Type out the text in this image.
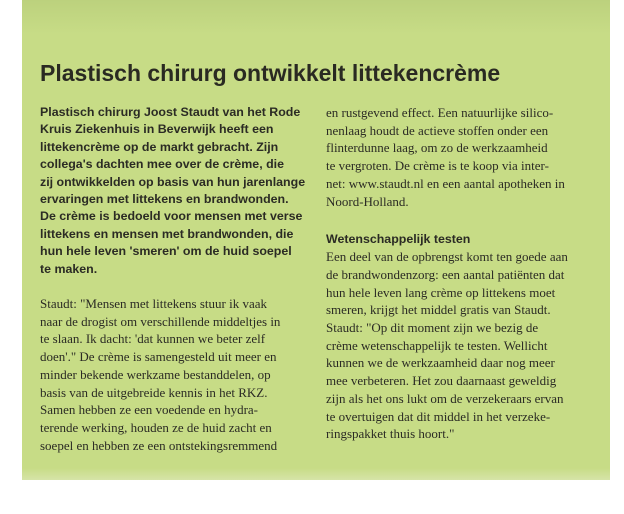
Plastisch chirurg ontwikkelt littekencrème

Plastisch chirurg Joost Staudt van het Rode
Kruis Ziekenhuis in Beverwijk heeft een
littekencrème op de markt gebracht. Zijn
collega's dachten mee over de crème, die
zij ontwikkelden op basis van hun jarenlange
ervaringen met littekens en brandwonden.
De crème is bedoeld voor mensen met verse
littekens en mensen met brandwonden, die
hun hele leven 'smeren' om de huid soepel
te maken.

Staudt: "Mensen met littekens stuur ik vaak
naar de drogist om verschillende middeltjes in
te slaan. Ik dacht: 'dat kunnen we beter zelf
doen'." De crème is samengesteld uit meer en
minder bekende werkzame bestanddelen, op
basis van de uitgebreide kennis in het RKZ.
Samen hebben ze een voedende en hydra-
terende werking, houden ze de huid zacht en
soepel en hebben ze een ontstekingsremmend

en rustgevend effect. Een natuurlijke silico-
nenlaag houdt de actieve stoffen onder een
flinterdunne laag, om zo de werkzaamheid
te vergroten. De crème is te koop via inter-
net: www.staudt.nl en een aantal apotheken in
Noord-Holland.

Wetenschappelijk testen

Een deel van de opbrengst komt ten goede aan
de brandwondenzorg: een aantal patiënten dat
hun hele leven lang crème op littekens moet
smeren, krijgt het middel gratis van Staudt.
Staudt: "Op dit moment zijn we bezig de
crème wetenschappelijk te testen. Wellicht
kunnen we de werkzaamheid daar nog meer
mee verbeteren. Het zou daarnaast geweldig
zijn als het ons lukt om de verzekeraars ervan
te overtuigen dat dit middel in het verzeke-
ringspakket thuis hoort."
